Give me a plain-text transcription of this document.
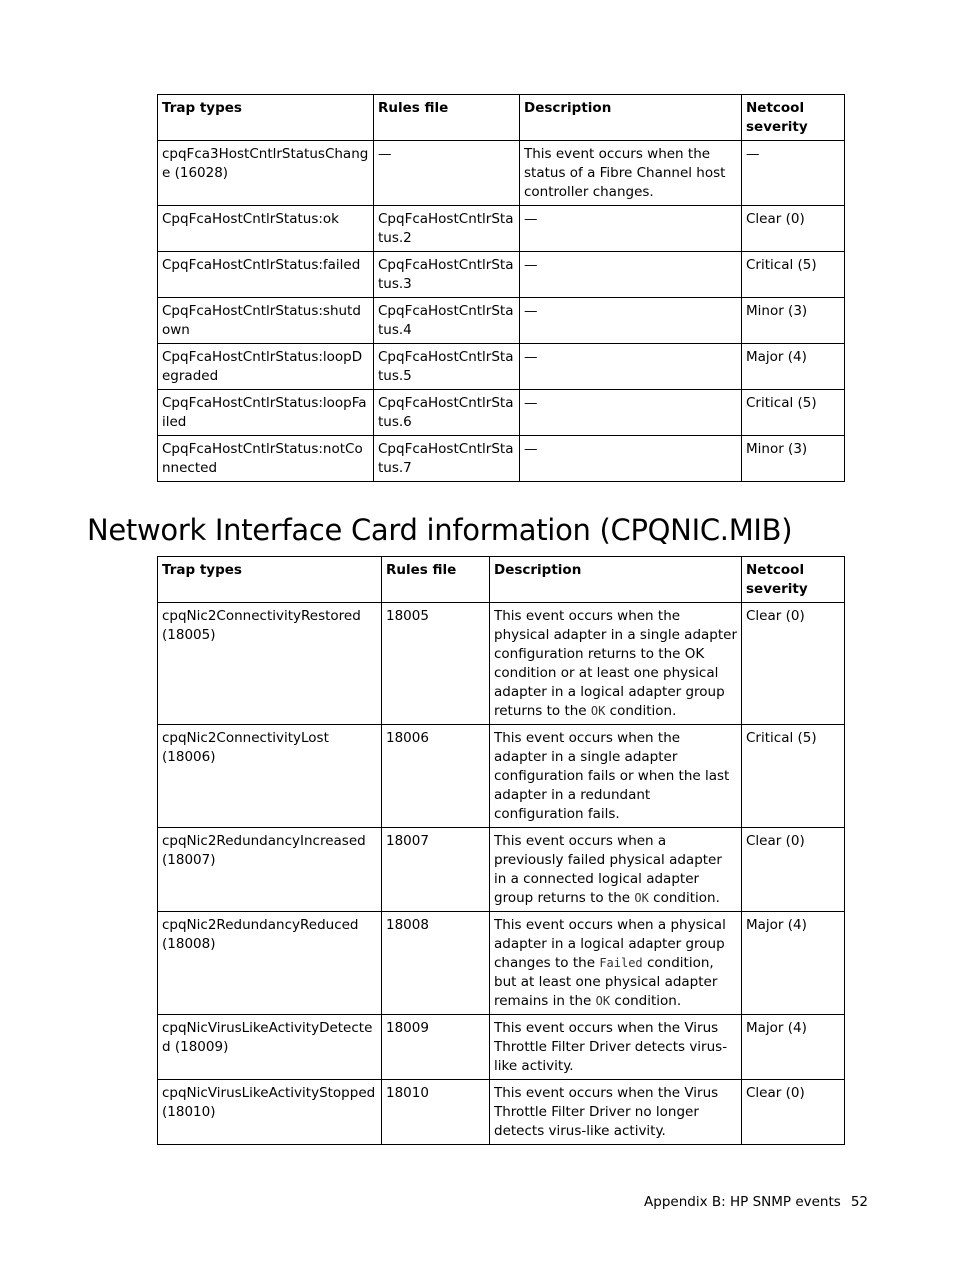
Trap types	Rules file	Description	Netcool severity
cpqFca3HostCntlrStatusChange (16028)	—	This event occurs when the status of a Fibre Channel host controller changes.	—
CpqFcaHostCntlrStatus:ok	CpqFcaHostCntlrStatus.2	—	Clear (0)
CpqFcaHostCntlrStatus:failed	CpqFcaHostCntlrStatus.3	—	Critical (5)
CpqFcaHostCntlrStatus:shutdown	CpqFcaHostCntlrStatus.4	—	Minor (3)
CpqFcaHostCntlrStatus:loopDegraded	CpqFcaHostCntlrStatus.5	—	Major (4)
CpqFcaHostCntlrStatus:loopFailed	CpqFcaHostCntlrStatus.6	—	Critical (5)
CpqFcaHostCntlrStatus:notConnected	CpqFcaHostCntlrStatus.7	—	Minor (3)
Network Interface Card information (CPQNIC.MIB)
Trap types	Rules file	Description	Netcool severity
cpqNic2ConnectivityRestored (18005)	18005	This event occurs when the physical adapter in a single adapter configuration returns to the OK condition or at least one physical adapter in a logical adapter group returns to the OK condition.	Clear (0)
cpqNic2ConnectivityLost (18006)	18006	This event occurs when the adapter in a single adapter configuration fails or when the last adapter in a redundant configuration fails.	Critical (5)
cpqNic2RedundancyIncreased (18007)	18007	This event occurs when a previously failed physical adapter in a connected logical adapter group returns to the OK condition.	Clear (0)
cpqNic2RedundancyReduced (18008)	18008	This event occurs when a physical adapter in a logical adapter group changes to the Failed condition, but at least one physical adapter remains in the OK condition.	Major (4)
cpqNicVirusLikeActivityDetected (18009)	18009	This event occurs when the Virus Throttle Filter Driver detects virus-like activity.	Major (4)
cpqNicVirusLikeActivityStopped (18010)	18010	This event occurs when the Virus Throttle Filter Driver no longer detects virus-like activity.	Clear (0)
Appendix B: HP SNMP events 52
